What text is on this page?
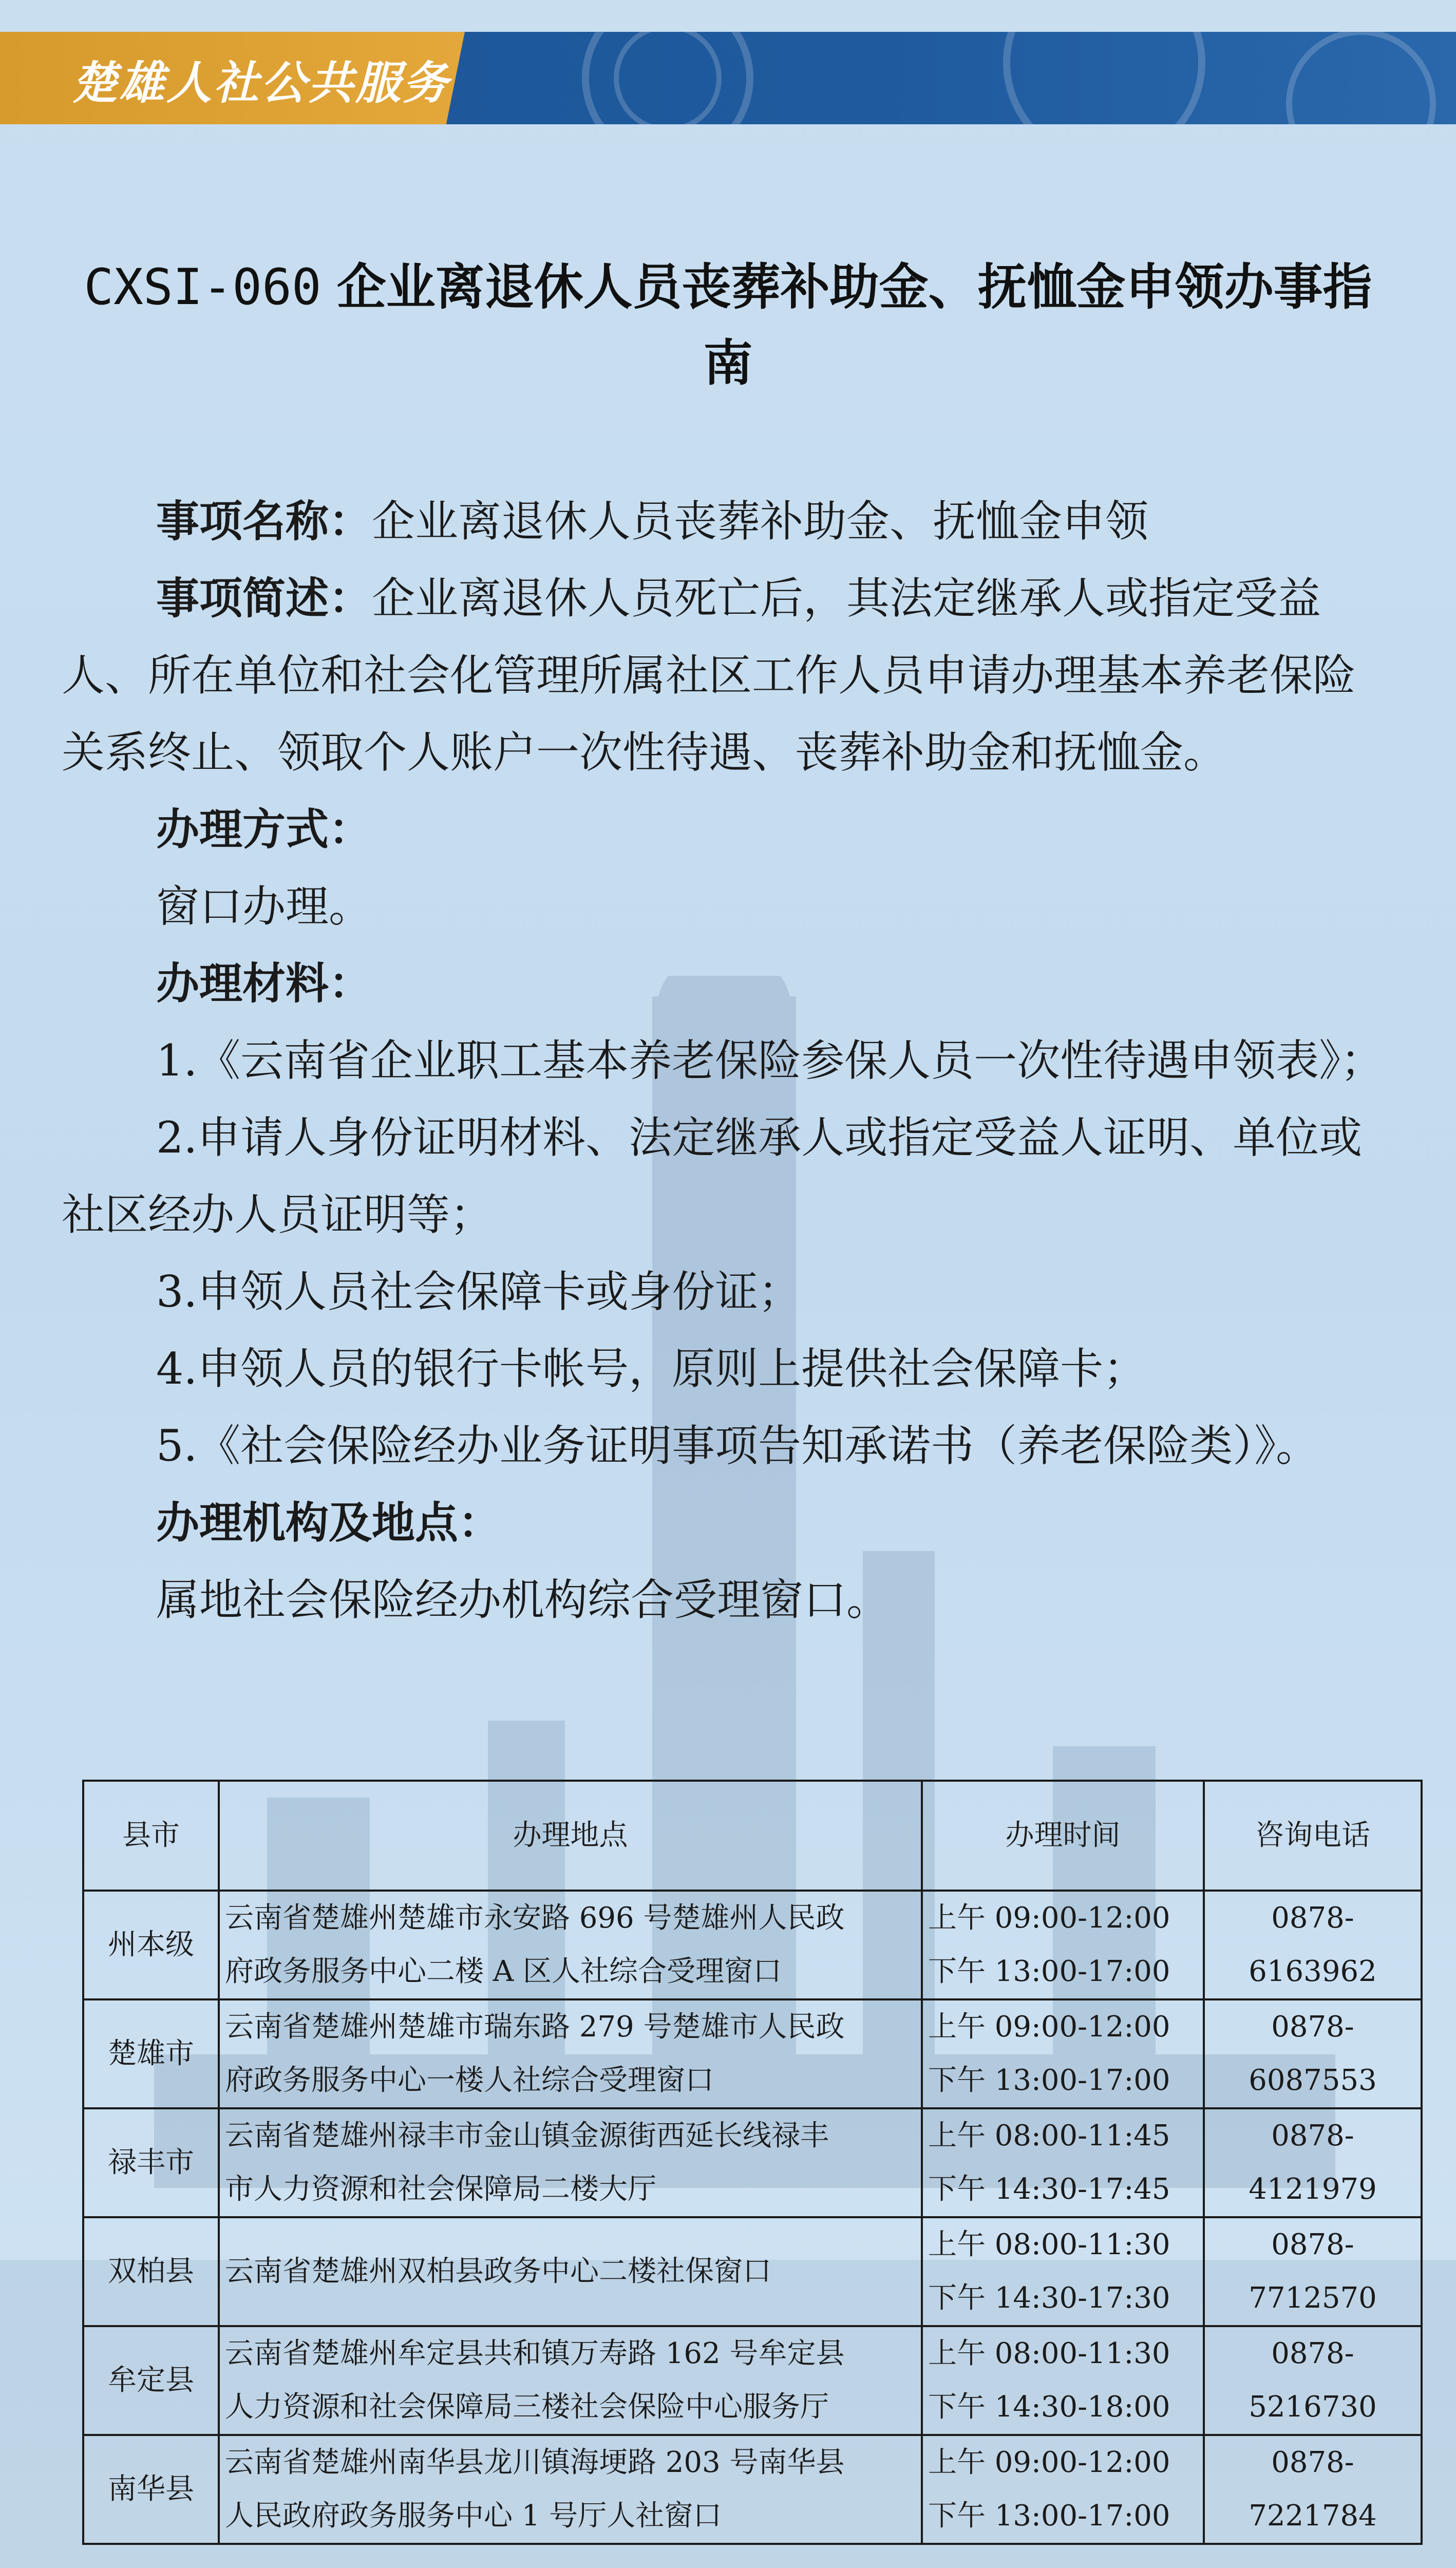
楚雄人社公共服务
CXSI-060 企业离退休人员丧葬补助金、抚恤金申领办事指南

事项名称：企业离退休人员丧葬补助金、抚恤金申领

事项简述：企业离退休人员死亡后，其法定继承人或指定受益人、所在单位和社会化管理所属社区工作人员申请办理基本养老保险关系终止、领取个人账户一次性待遇、丧葬补助金和抚恤金。

办理方式：

窗口办理。

办理材料：

1.《云南省企业职工基本养老保险参保人员一次性待遇申领表》；

2.申请人身份证明材料、法定继承人或指定受益人证明、单位或社区经办人员证明等；

3.申领人员社会保障卡或身份证；

4.申领人员的银行卡帐号，原则上提供社会保障卡；

5.《社会保险经办业务证明事项告知承诺书（养老保险类）》。

办理机构及地点：

属地社会保险经办机构综合受理窗口。

县市	办理地点	办理时间	咨询电话
州本级	云南省楚雄州楚雄市永安路 696 号楚雄州人民政
府政务服务中心二楼 A 区人社综合受理窗口	上午 09:00-12:00
下午 13:00-17:00	0878-6163962
楚雄市	云南省楚雄州楚雄市瑞东路 279 号楚雄市人民政
府政务服务中心一楼人社综合受理窗口	上午 09:00-12:00
下午 13:00-17:00	0878-6087553
禄丰市	云南省楚雄州禄丰市金山镇金源街西延长线禄丰
市人力资源和社会保障局二楼大厅	上午 08:00-11:45
下午 14:30-17:45	0878-4121979
双柏县	云南省楚雄州双柏县政务中心二楼社保窗口	上午 08:00-11:30
下午 14:30-17:30	0878-7712570
牟定县	云南省楚雄州牟定县共和镇万寿路 162 号牟定县
人力资源和社会保障局三楼社会保险中心服务厅	上午 08:00-11:30
下午 14:30-18:00	0878-5216730
南华县	云南省楚雄州南华县龙川镇海埂路 203 号南华县
人民政府政务服务中心 1 号厅人社窗口	上午 09:00-12:00
下午 13:00-17:00	0878-7221784
